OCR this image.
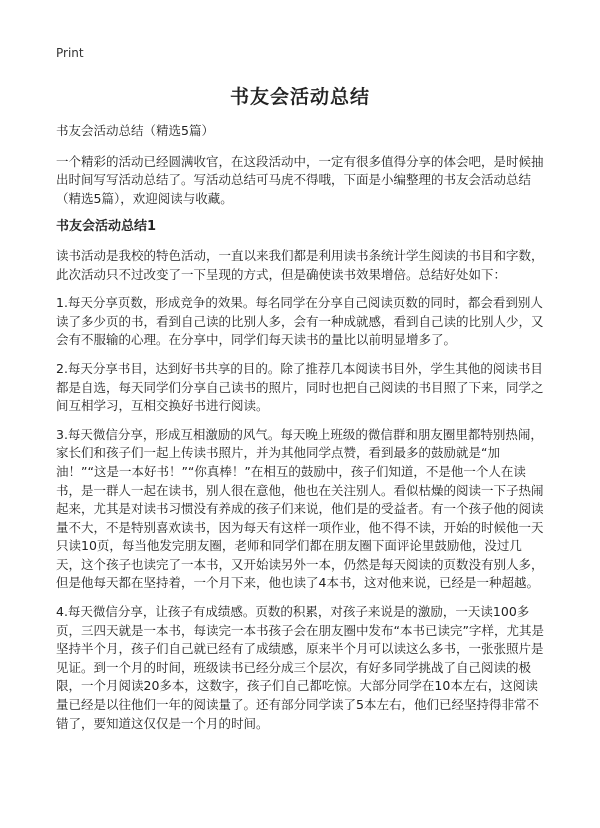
Print
书友会活动总结

书友会活动总结（精选5篇）

一个精彩的活动已经圆满收官，在这段活动中，一定有很多值得分享的体会吧，是时候抽出时间写写活动总结了。写活动总结可马虎不得哦，下面是小编整理的书友会活动总结（精选5篇），欢迎阅读与收藏。

书友会活动总结1

读书活动是我校的特色活动，一直以来我们都是利用读书条统计学生阅读的书目和字数，此次活动只不过改变了一下呈现的方式，但是确使读书效果增倍。总结好处如下：

1.每天分享页数，形成竞争的效果。每名同学在分享自己阅读页数的同时，都会看到别人读了多少页的书，看到自己读的比别人多，会有一种成就感，看到自己读的比别人少，又会有不服输的心理。在分享中，同学们每天读书的量比以前明显增多了。

2.每天分享书目，达到好书共享的目的。除了推荐几本阅读书目外，学生其他的阅读书目都是自选，每天同学们分享自己读书的照片，同时也把自己阅读的书目照了下来，同学之间互相学习，互相交换好书进行阅读。

3.每天微信分享，形成互相激励的风气。每天晚上班级的微信群和朋友圈里都特别热闹，家长们和孩子们一起上传读书照片，并为其他同学点赞，看到最多的鼓励就是“加油！”“这是一本好书！”“你真棒！”在相互的鼓励中，孩子们知道，不是他一个人在读书，是一群人一起在读书，别人很在意他，他也在关注别人。看似枯燥的阅读一下子热闹起来，尤其是对读书习惯没有养成的孩子们来说，他们是的受益者。有一个孩子他的阅读量不大，不是特别喜欢读书，因为每天有这样一项作业，他不得不读，开始的时候他一天只读10页，每当他发完朋友圈，老师和同学们都在朋友圈下面评论里鼓励他，没过几天，这个孩子也读完了一本书，又开始读另外一本，仍然是每天阅读的页数没有别人多，但是他每天都在坚持着，一个月下来，他也读了4本书，这对他来说，已经是一种超越。

4.每天微信分享，让孩子有成绩感。页数的积累，对孩子来说是的激励，一天读100多页，三四天就是一本书，每读完一本书孩子会在朋友圈中发布“本书已读完”字样，尤其是坚持半个月，孩子们自己就已经有了成绩感，原来半个月可以读这么多书，一张张照片是见证。到一个月的时间，班级读书已经分成三个层次，有好多同学挑战了自己阅读的极限，一个月阅读20多本，这数字，孩子们自己都吃惊。大部分同学在10本左右，这阅读量已经是以往他们一年的阅读量了。还有部分同学读了5本左右，他们已经坚持得非常不错了，要知道这仅仅是一个月的时间。
